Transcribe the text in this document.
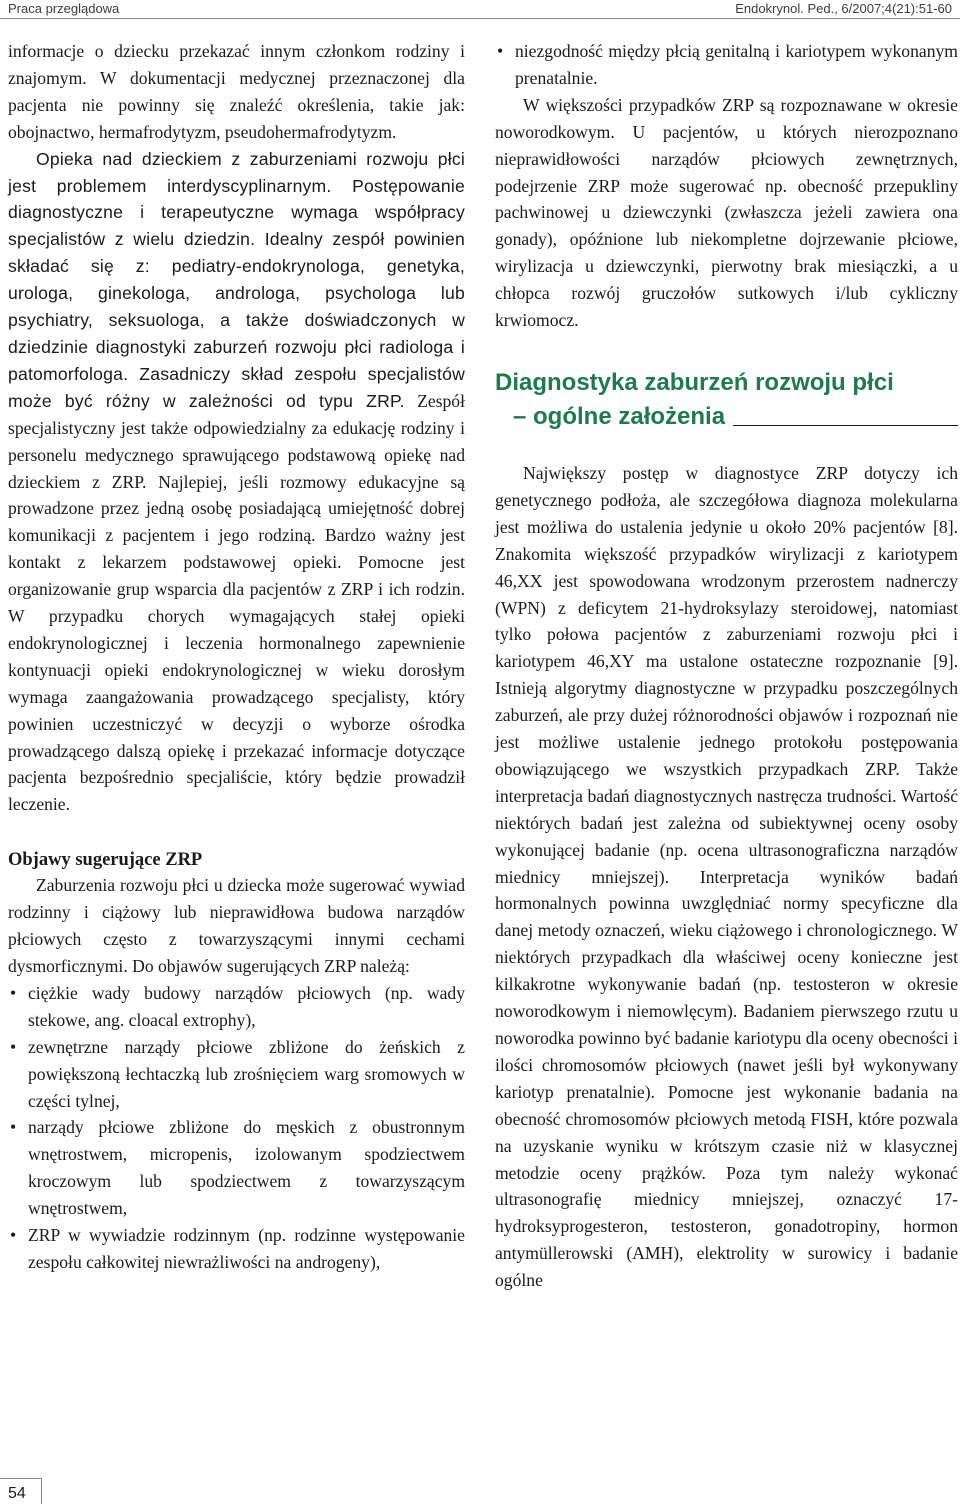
Praca przeglądowa	Endokrynol. Ped., 6/2007;4(21):51-60

informacje o dziecku przekazać innym członkom rodziny i znajomym. W dokumentacji medycznej przeznaczonej dla pacjenta nie powinny się znaleźć określenia, takie jak: obojnactwo, hermafrodytyzm, pseudohermafrodytyzm.

Opieka nad dzieckiem z zaburzeniami rozwoju płci jest problemem interdyscyplinarnym. Postępowanie diagnostyczne i terapeutyczne wymaga współpracy specjalistów z wielu dziedzin. Idealny zespół powinien składać się z: pediatry-endokrynologa, genetyka, urologa, ginekologa, androloga, psychologa lub psychiatry, seksuologa, a także doświadczonych w dziedzinie diagnostyki zaburzeń rozwoju płci radiologa i patomorfologa. Zasadniczy skład zespołu specjalistów może być różny w zależności od typu ZRP. Zespół specjalistyczny jest także odpowiedzialny za edukację rodziny i personelu medycznego sprawującego podstawową opiekę nad dzieckiem z ZRP. Najlepiej, jeśli rozmowy edukacyjne są prowadzone przez jedną osobę posiadającą umiejętność dobrej komunikacji z pacjentem i jego rodziną. Bardzo ważny jest kontakt z lekarzem podstawowej opieki. Pomocne jest organizowanie grup wsparcia dla pacjentów z ZRP i ich rodzin. W przypadku chorych wymagających stałej opieki endokrynologicznej i leczenia hormonalnego zapewnienie kontynuacji opieki endokrynologicznej w wieku dorosłym wymaga zaangażowania prowadzącego specjalisty, który powinien uczestniczyć w decyzji o wyborze ośrodka prowadzącego dalszą opiekę i przekazać informacje dotyczące pacjenta bezpośrednio specjaliście, który będzie prowadził leczenie.

Objawy sugerujące ZRP

Zaburzenia rozwoju płci u dziecka może sugerować wywiad rodzinny i ciążowy lub nieprawidłowa budowa narządów płciowych często z towarzyszącymi innymi cechami dysmorficznymi. Do objawów sugerujących ZRP należą:

• ciężkie wady budowy narządów płciowych (np. wady stekowe, ang. cloacal extrophy),
• zewnętrzne narządy płciowe zbliżone do żeńskich z powiększoną łechtaczką lub zrośnięciem warg sromowych w części tylnej,
• narządy płciowe zbliżone do męskich z obustronnym wnętrostwem, micropenis, izolowanym spodziectwem kroczowym lub spodziectwem z towarzyszącym wnętrostwem,
• ZRP w wywiadzie rodzinnym (np. rodzinne występowanie zespołu całkowitej niewrażliwości na androgeny),
• niezgodność między płcią genitalną i kariotypem wykonanym prenatalnie.

W większości przypadków ZRP są rozpoznawane w okresie noworodkowym. U pacjentów, u których nierozpoznano nieprawidłowości narządów płciowych zewnętrznych, podejrzenie ZRP może sugerować np. obecność przepukliny pachwinowej u dziewczynki (zwłaszcza jeżeli zawiera ona gonady), opóźnione lub niekompletne dojrzewanie płciowe, wirylizacja u dziewczynki, pierwotny brak miesiączki, a u chłopca rozwój gruczołów sutkowych i/lub cykliczny krwiomocz.

Diagnostyka zaburzeń rozwoju płci
– ogólne założenia

Największy postęp w diagnostyce ZRP dotyczy ich genetycznego podłoża, ale szczegółowa diagnoza molekularna jest możliwa do ustalenia jedynie u około 20% pacjentów [8]. Znakomita większość przypadków wirylizacji z kariotypem 46,XX jest spowodowana wrodzonym przerostem nadnerczy (WPN) z deficytem 21-hydroksylazy steroidowej, natomiast tylko połowa pacjentów z zaburzeniami rozwoju płci i kariotypem 46,XY ma ustalone ostateczne rozpoznanie [9]. Istnieją algorytmy diagnostyczne w przypadku poszczególnych zaburzeń, ale przy dużej różnorodności objawów i rozpoznań nie jest możliwe ustalenie jednego protokołu postępowania obowiązującego we wszystkich przypadkach ZRP. Także interpretacja badań diagnostycznych nastręcza trudności. Wartość niektórych badań jest zależna od subiektywnej oceny osoby wykonującej badanie (np. ocena ultrasonograficzna narządów miednicy mniejszej). Interpretacja wyników badań hormonalnych powinna uwzględniać normy specyficzne dla danej metody oznaczeń, wieku ciążowego i chronologicznego. W niektórych przypadkach dla właściwej oceny konieczne jest kilkakrotne wykonywanie badań (np. testosteron w okresie noworodkowym i niemowlęcym). Badaniem pierwszego rzutu u noworodka powinno być badanie kariotypu dla oceny obecności i ilości chromosomów płciowych (nawet jeśli był wykonywany kariotyp prenatalnie). Pomocne jest wykonanie badania na obecność chromosomów płciowych metodą FISH, które pozwala na uzyskanie wyniku w krótszym czasie niż w klasycznej metodzie oceny prążków. Poza tym należy wykonać ultrasonografię miednicy mniejszej, oznaczyć 17-hydroksyprogesteron, testosteron, gonadotropiny, hormon antymüllerowski (AMH), elektrolity w surowicy i badanie ogólne

54
